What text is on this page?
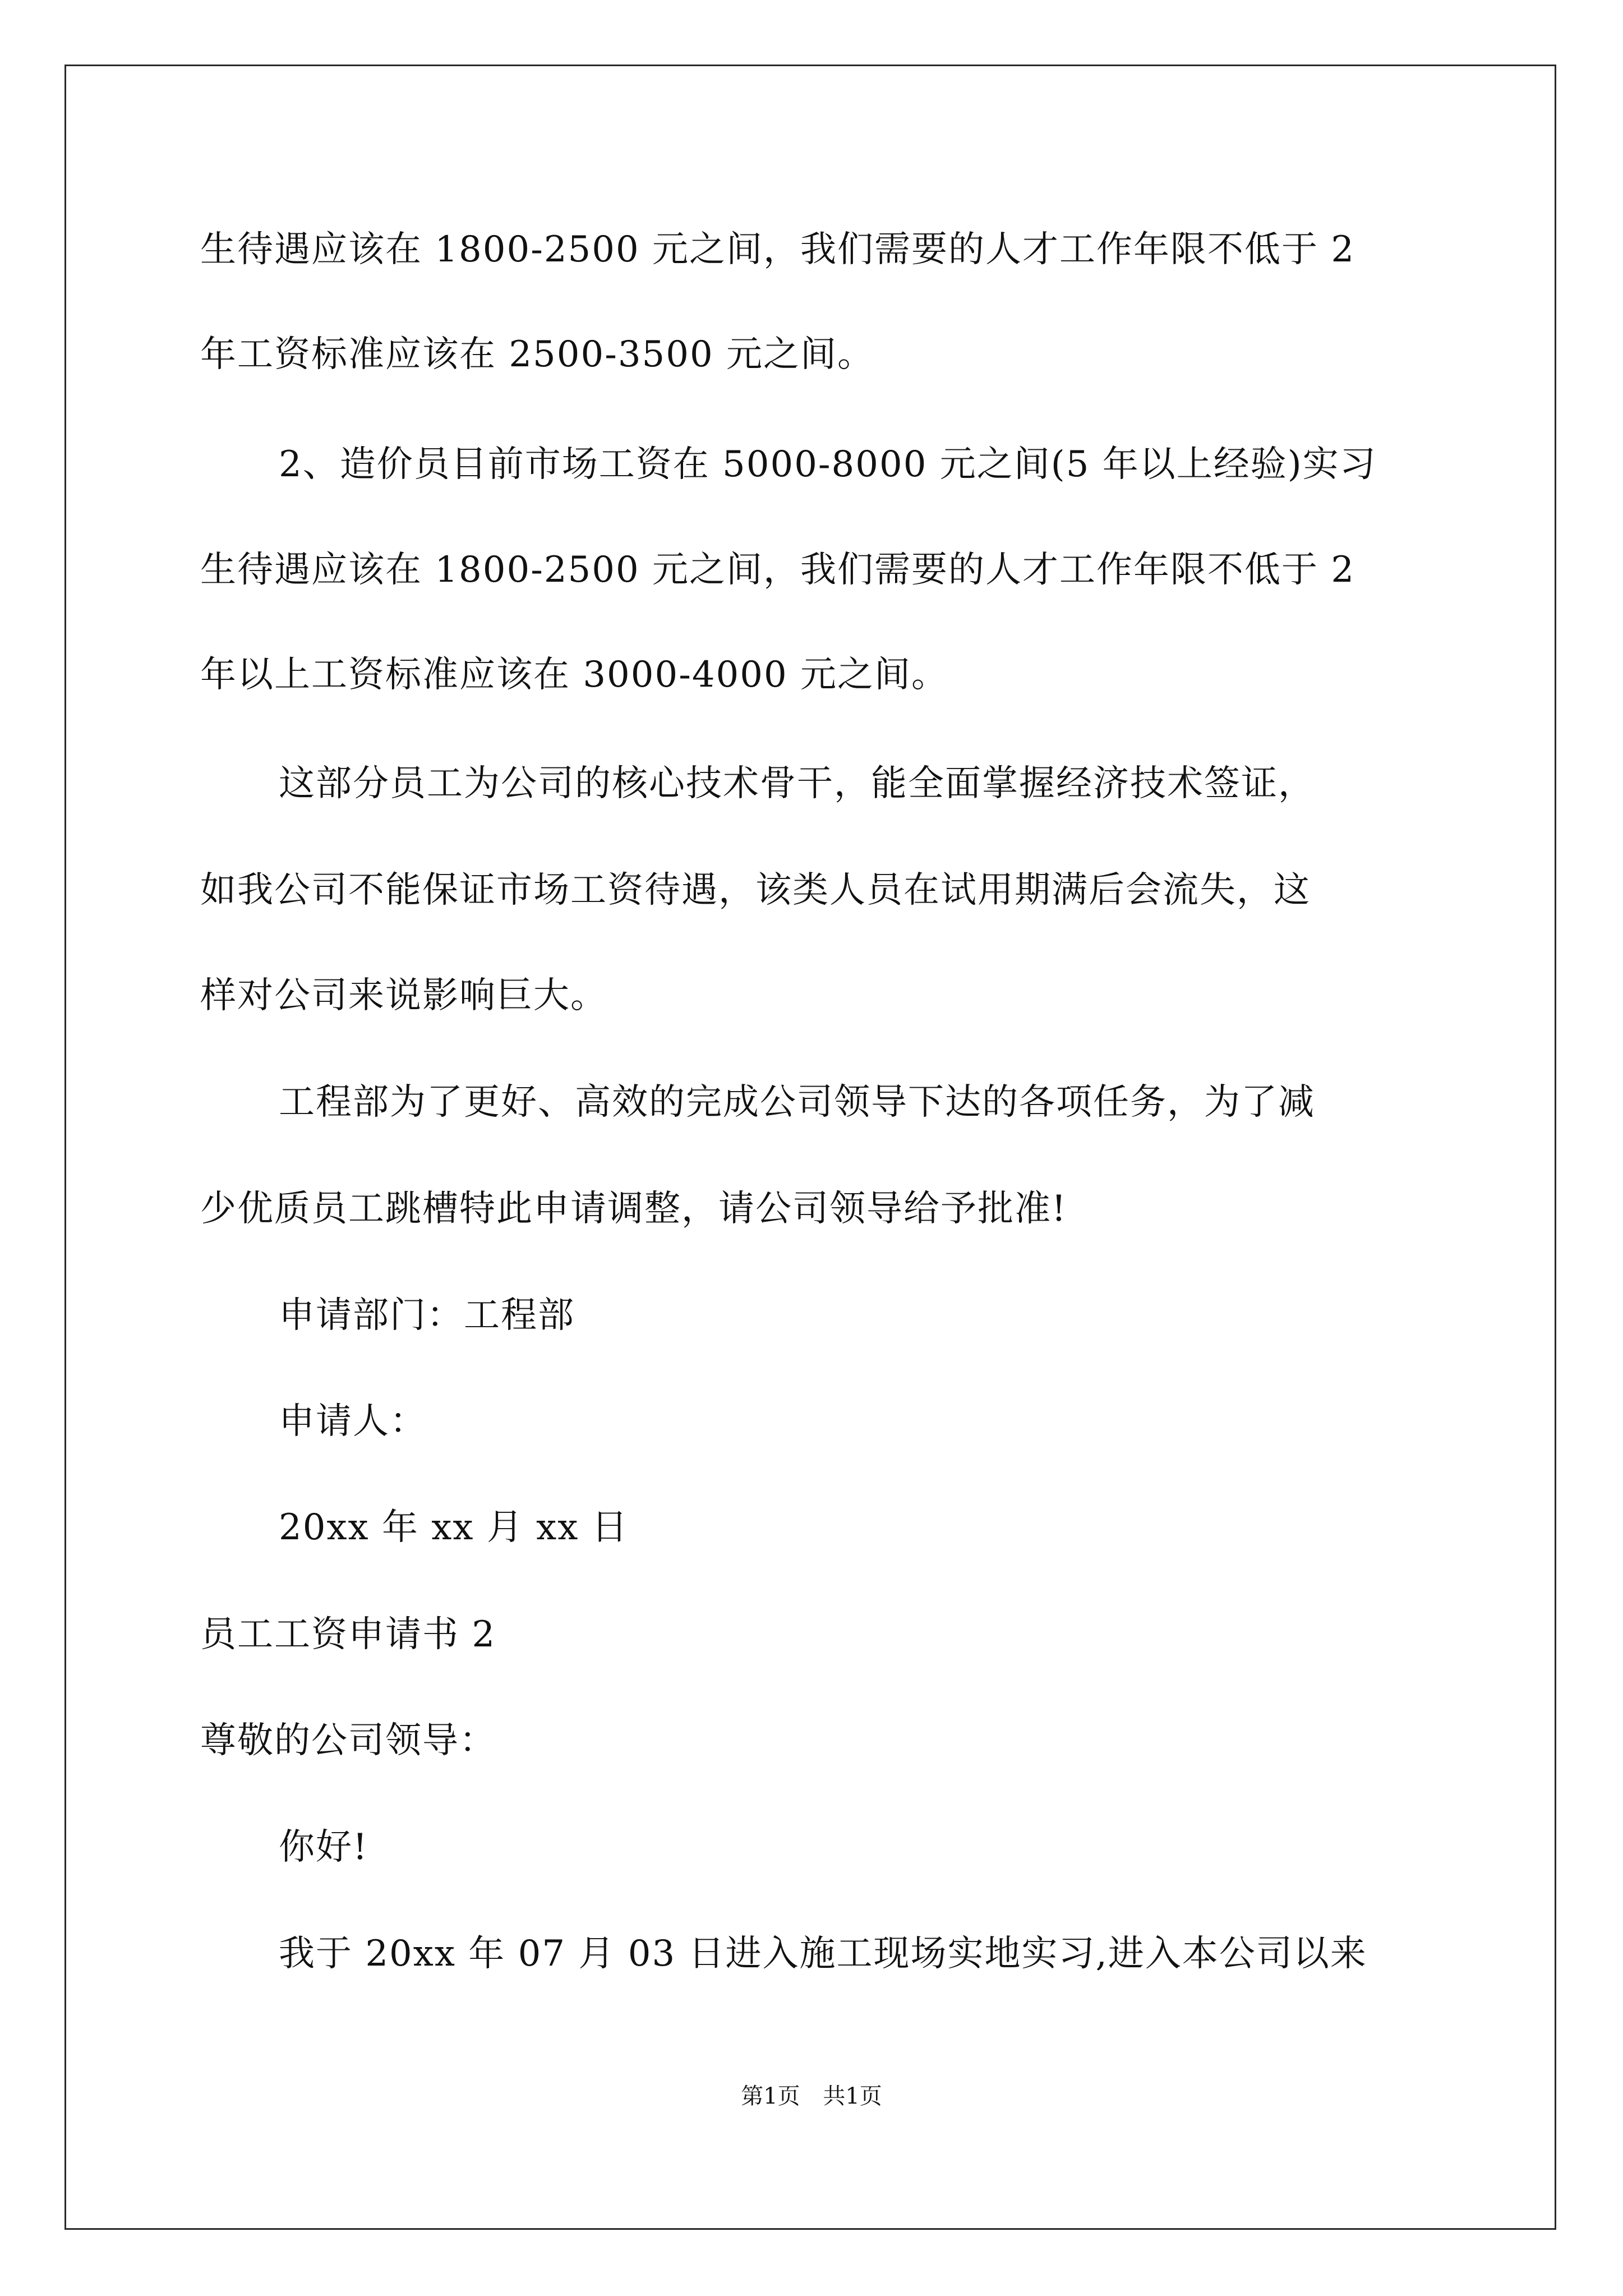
生待遇应该在 1800-2500 元之间，我们需要的人才工作年限不低于 2
年工资标准应该在 2500-3500 元之间。
2、造价员目前市场工资在 5000-8000 元之间(5 年以上经验)实习
生待遇应该在 1800-2500 元之间，我们需要的人才工作年限不低于 2
年以上工资标准应该在 3000-4000 元之间。
这部分员工为公司的核心技术骨干，能全面掌握经济技术签证，
如我公司不能保证市场工资待遇，该类人员在试用期满后会流失，这
样对公司来说影响巨大。
工程部为了更好、高效的完成公司领导下达的各项任务，为了减
少优质员工跳槽特此申请调整，请公司领导给予批准!
申请部门：工程部
申请人：
20xx 年 xx 月 xx 日
员工工资申请书 2
尊敬的公司领导：
你好!
我于 20xx 年 07 月 03 日进入施工现场实地实习,进入本公司以来
第1页 共1页
